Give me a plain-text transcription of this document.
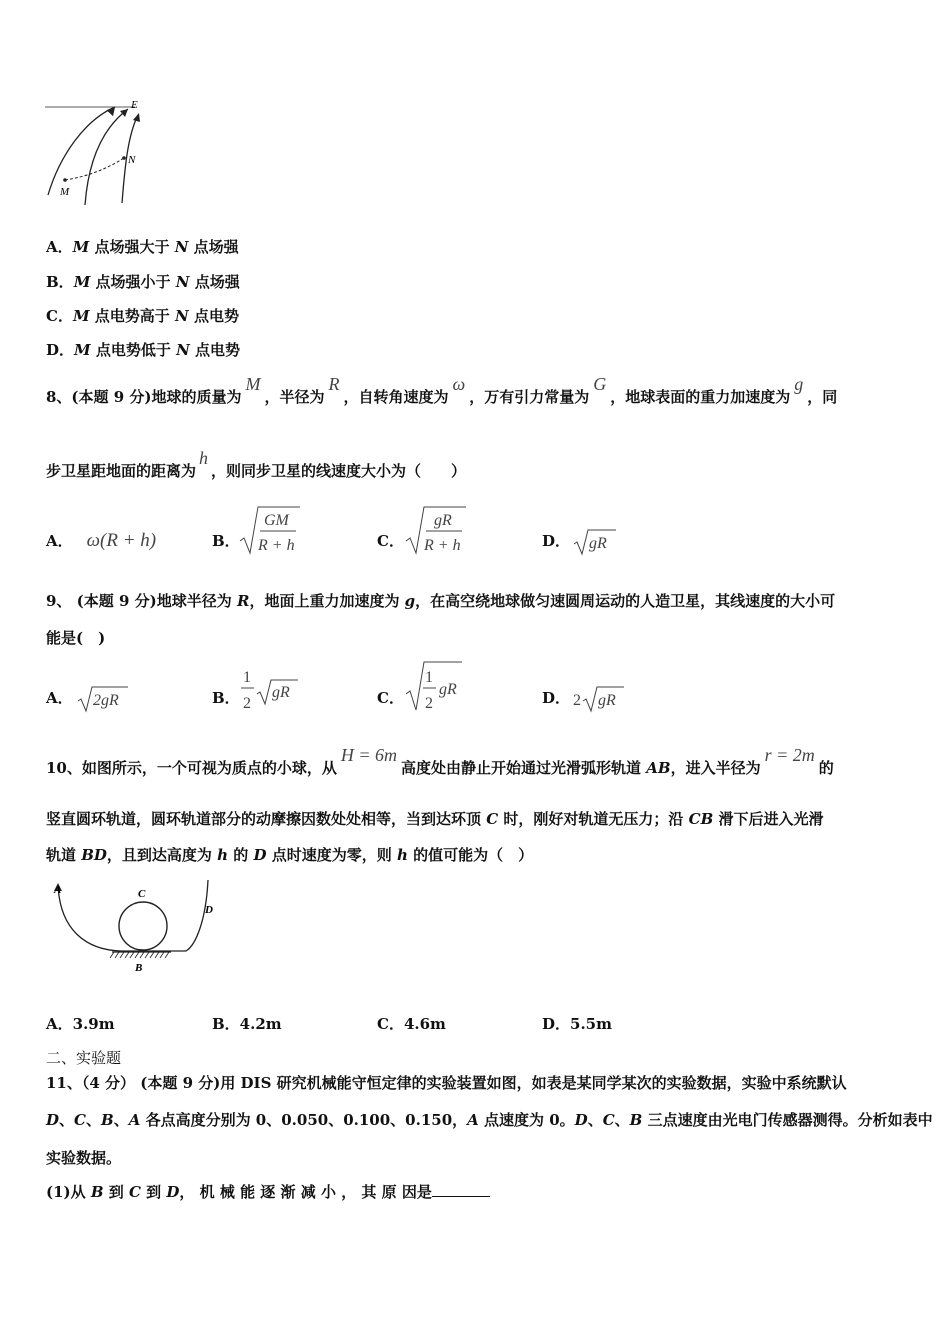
E
N
M
A．M 点场强大于 N 点场强
B．M 点场强小于 N 点场强
C．M 点电势高于 N 点电势
D．M 点电势低于 N 点电势
8、(本题 9 分)地球的质量为M，半径为R，自转角速度为ω，万有引力常量为G，地球表面的重力加速度为g，同
步卫星距地面的距离为h，则同步卫星的线速度大小为（　　）
A． ω(R + h)	B．
GM
R + h	C．
gR
R + h	D． gR
9、 (本题 9 分)地球半径为 R，地面上重力加速度为 g，在高空绕地球做匀速圆周运动的人造卫星，其线速度的大小可
能是(　)
A． 2gR	B．
1
2
gR	C．
1
2
gR	D． 2 gR
10、如图所示，一个可视为质点的小球，从H = 6m高度处由静止开始通过光滑弧形轨道 AB，进入半径为r = 2m的
竖直圆环轨道，圆环轨道部分的动摩擦因数处处相等，当到达环顶 C 时，刚好对轨道无压力；沿 CB 滑下后进入光滑
轨道 BD，且到达高度为 h 的 D 点时速度为零，则 h 的值可能为（　）
A	C
D
B
A．3.9m	B．4.2m	C．4.6m	D．5.5m
二、实验题
11、（4 分） (本题 9 分)用 DIS 研究机械能守恒定律的实验装置如图，如表是某同学某次的实验数据，实验中系统默认
D、C、B、A 各点高度分别为 0、0.050、0.100、0.150，A 点速度为 0。D、C、B 三点速度由光电门传感器测得。分析如表中
实验数据。
(1)从 B 到 C 到 D， 机 械 能 逐 渐 减 小 ， 其 原 因是
